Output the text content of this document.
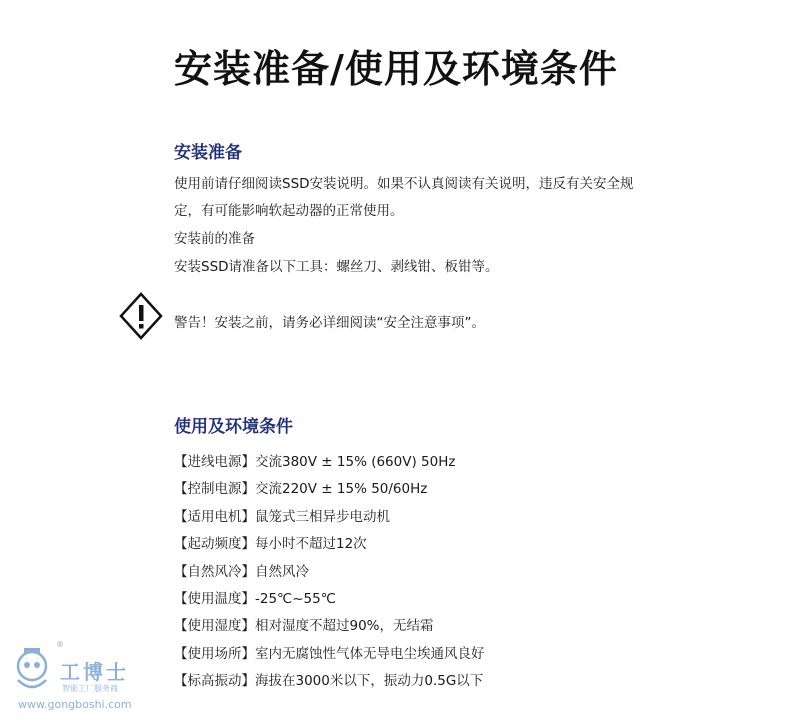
安装准备/使用及环境条件
安装准备
使用前请仔细阅读SSD安装说明。如果不认真阅读有关说明，违反有关安全规
定，有可能影响软起动器的正常使用。
安装前的准备
安装SSD请准备以下工具：螺丝刀、剥线钳、板钳等。
警告！安装之前，请务必详细阅读“安全注意事项”。
使用及环境条件
【进线电源】交流380V ± 15% (660V) 50Hz
【控制电源】交流220V ± 15% 50/60Hz
【适用电机】鼠笼式三相异步电动机
【起动频度】每小时不超过12次
【自然风冷】自然风冷
【使用温度】-25℃~55℃
【使用湿度】相对湿度不超过90%，无结霜
【使用场所】室内无腐蚀性气体无导电尘埃通风良好
【标高振动】海拔在3000米以下，振动力0.5G以下
®
工博士
智能工厂服务商
www.gongboshi.com
